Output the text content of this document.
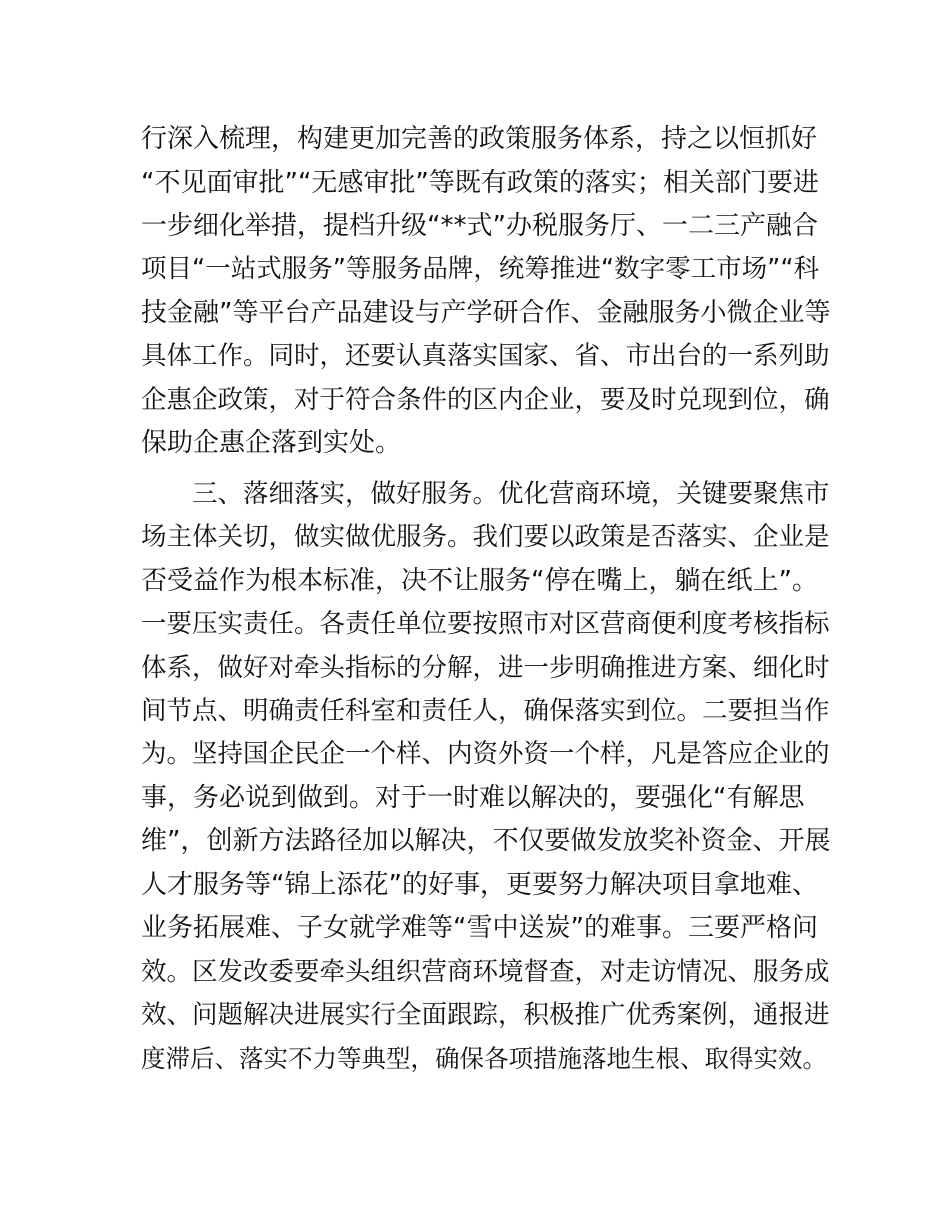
行深入梳理，构建更加完善的政策服务体系，持之以恒抓好
“不见面审批”“无感审批”等既有政策的落实；相关部门要进
一步细化举措，提档升级“**式”办税服务厅、一二三产融合
项目“一站式服务”等服务品牌，统筹推进“数字零工市场”“科
技金融”等平台产品建设与产学研合作、金融服务小微企业等
具体工作。同时，还要认真落实国家、省、市出台的一系列助
企惠企政策，对于符合条件的区内企业，要及时兑现到位，确
保助企惠企落到实处。
三、落细落实，做好服务。优化营商环境，关键要聚焦市
场主体关切，做实做优服务。我们要以政策是否落实、企业是
否受益作为根本标准，决不让服务“停在嘴上，躺在纸上”。
一要压实责任。各责任单位要按照市对区营商便利度考核指标
体系，做好对牵头指标的分解，进一步明确推进方案、细化时
间节点、明确责任科室和责任人，确保落实到位。二要担当作
为。坚持国企民企一个样、内资外资一个样，凡是答应企业的
事，务必说到做到。对于一时难以解决的，要强化“有解思
维”，创新方法路径加以解决，不仅要做发放奖补资金、开展
人才服务等“锦上添花”的好事，更要努力解决项目拿地难、
业务拓展难、子女就学难等“雪中送炭”的难事。三要严格问
效。区发改委要牵头组织营商环境督查，对走访情况、服务成
效、问题解决进展实行全面跟踪，积极推广优秀案例，通报进
度滞后、落实不力等典型，确保各项措施落地生根、取得实效。
